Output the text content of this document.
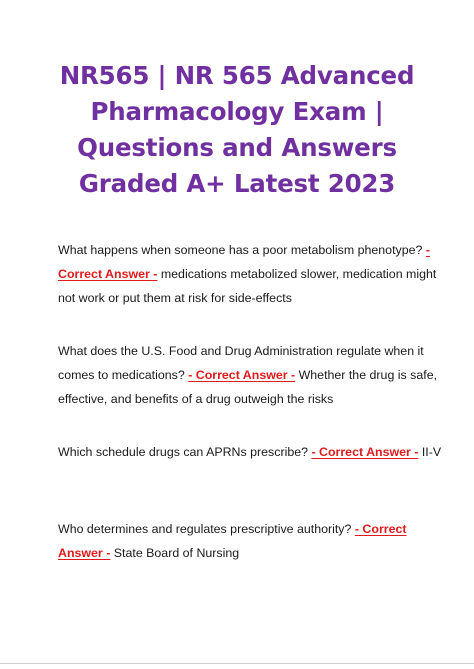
NR565 | NR 565 Advanced Pharmacology Exam | Questions and Answers Graded A+ Latest 2023

What happens when someone has a poor metabolism phenotype? - Correct Answer - medications metabolized slower, medication might not work or put them at risk for side-effects

What does the U.S. Food and Drug Administration regulate when it comes to medications? - Correct Answer - Whether the drug is safe, effective, and benefits of a drug outweigh the risks

Which schedule drugs can APRNs prescribe? - Correct Answer - II-V

Who determines and regulates prescriptive authority? - Correct Answer - State Board of Nursing
